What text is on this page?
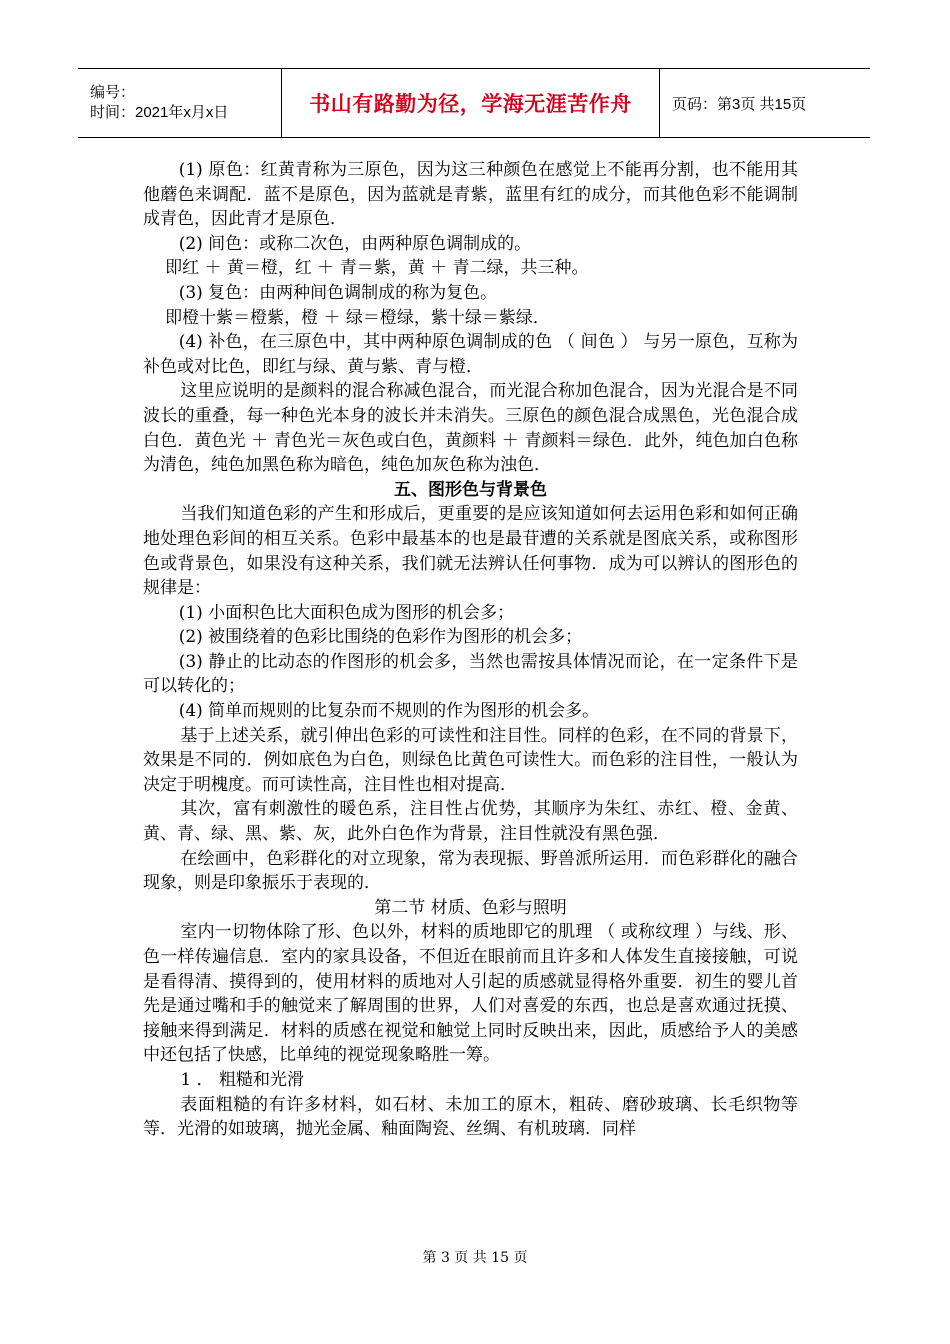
编号：
时间：2021年x月x日	书山有路勤为径，学海无涯苦作舟	页码：第3页 共15页

(1) 原色：红黄青称为三原色，因为这三种颜色在感觉上不能再分割，也不能用其他蘑色来调配．蓝不是原色，因为蓝就是青紫，蓝里有红的成分，而其他色彩不能调制成青色，因此青才是原色．

(2) 间色：或称二次色，由两种原色调制成的。

即红 ＋ 黄＝橙，红 ＋ 青＝紫，黄 ＋ 青二绿，共三种。

(3) 复色：由两种间色调制成的称为复色。

即橙十紫＝橙紫，橙 ＋ 绿＝橙绿，紫十绿＝紫绿．

(4) 补色，在三原色中，其中两种原色调制成的色 （ 间色 ） 与另一原色，互称为补色或对比色，即红与绿、黄与紫、青与橙．

这里应说明的是颜料的混合称减色混合，而光混合称加色混合，因为光混合是不同波长的重叠，每一种色光本身的波长并未消失。三原色的颜色混合成黑色，光色混合成白色．黄色光 ＋ 青色光＝灰色或白色，黄颜料 ＋ 青颜料＝绿色．此外，纯色加白色称为清色，纯色加黑色称为暗色，纯色加灰色称为浊色．

五、图形色与背景色

当我们知道色彩的产生和形成后，更重要的是应该知道如何去运用色彩和如何正确地处理色彩间的相互关系。色彩中最基本的也是最苷遭的关系就是图底关系，或称图形色或背景色，如果没有这种关系，我们就无法辨认任何事物．成为可以辨认的图形色的规律是：

(1) 小面积色比大面积色成为图形的机会多；

(2) 被围绕着的色彩比围绕的色彩作为图形的机会多；

(3) 静止的比动态的作图形的机会多，当然也需按具体情况而论，在一定条件下是可以转化的；

(4) 简单而规则的比复杂而不规则的作为图形的机会多。

基于上述关系，就引伸出色彩的可读性和注目性。同样的色彩，在不同的背景下，效果是不同的．例如底色为白色，则绿色比黄色可读性大。而色彩的注目性，一般认为决定于明槐度。而可读性高，注目性也相对提高．

其次，富有刺激性的暖色系，注目性占优势，其顺序为朱红、赤红、橙、金黄、黄、青、绿、黑、紫、灰，此外白色作为背景，注目性就没有黑色强．

在绘画中，色彩群化的对立现象，常为表现振、野兽派所运用．而色彩群化的融合现象，则是印象振乐于表现的．

第二节 材质、色彩与照明

室内一切物体除了形、色以外，材料的质地即它的肌理 （ 或称纹理 ）与线、形、色一样传遍信息．室内的家具设备，不但近在眼前而且许多和人体发生直接接触，可说是看得清、摸得到的，使用材料的质地对人引起的质感就显得格外重要．初生的婴儿首先是通过嘴和手的触觉来了解周围的世界，人们对喜爱的东西，也总是喜欢通过抚摸、接触来得到满足．材料的质感在视觉和触觉上同时反映出来，因此，质感给予人的美感中还包括了快感，比单纯的视觉现象略胜一筹。

1 ． 粗糙和光滑

表面粗糙的有许多材料，如石材、未加工的原木，粗砖、磨砂玻璃、长毛织物等等．光滑的如玻璃，抛光金属、釉面陶瓷、丝绸、有机玻璃．同样

第 3 页 共 15 页
